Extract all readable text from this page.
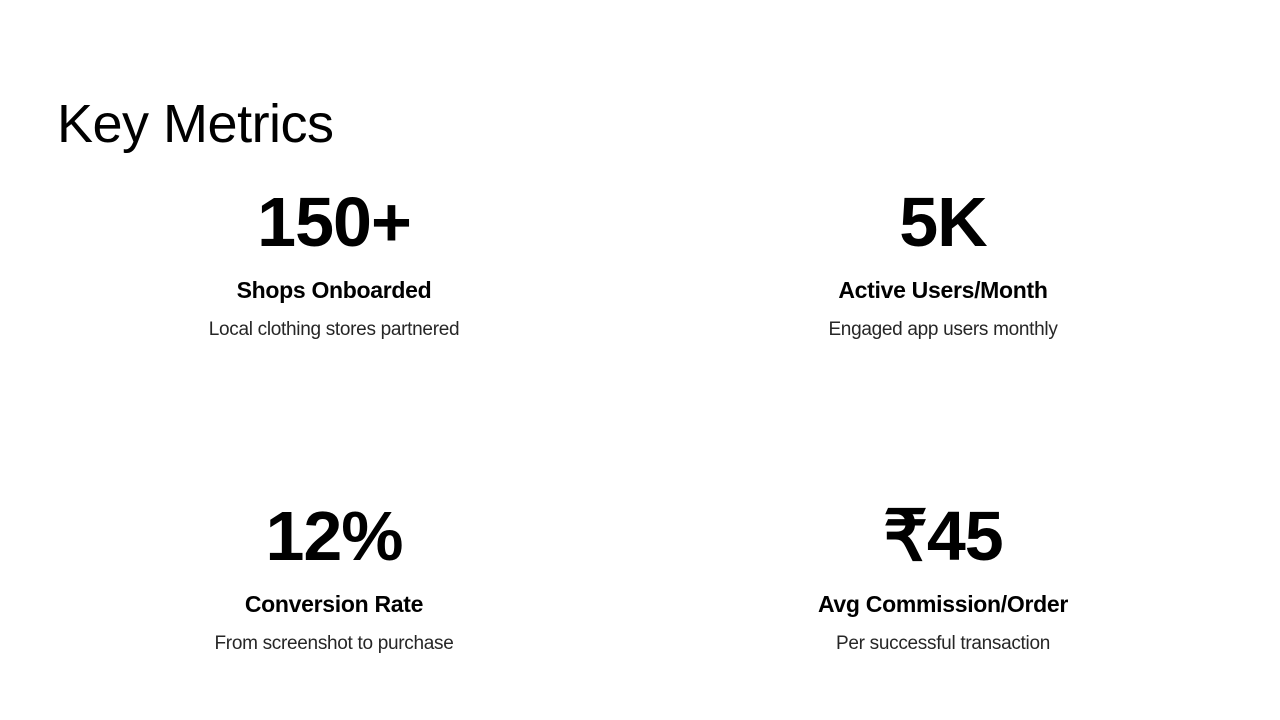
Key Metrics
150+
Shops Onboarded
Local clothing stores partnered
5K
Active Users/Month
Engaged app users monthly
12%
Conversion Rate
From screenshot to purchase
₹45
Avg Commission/Order
Per successful transaction
